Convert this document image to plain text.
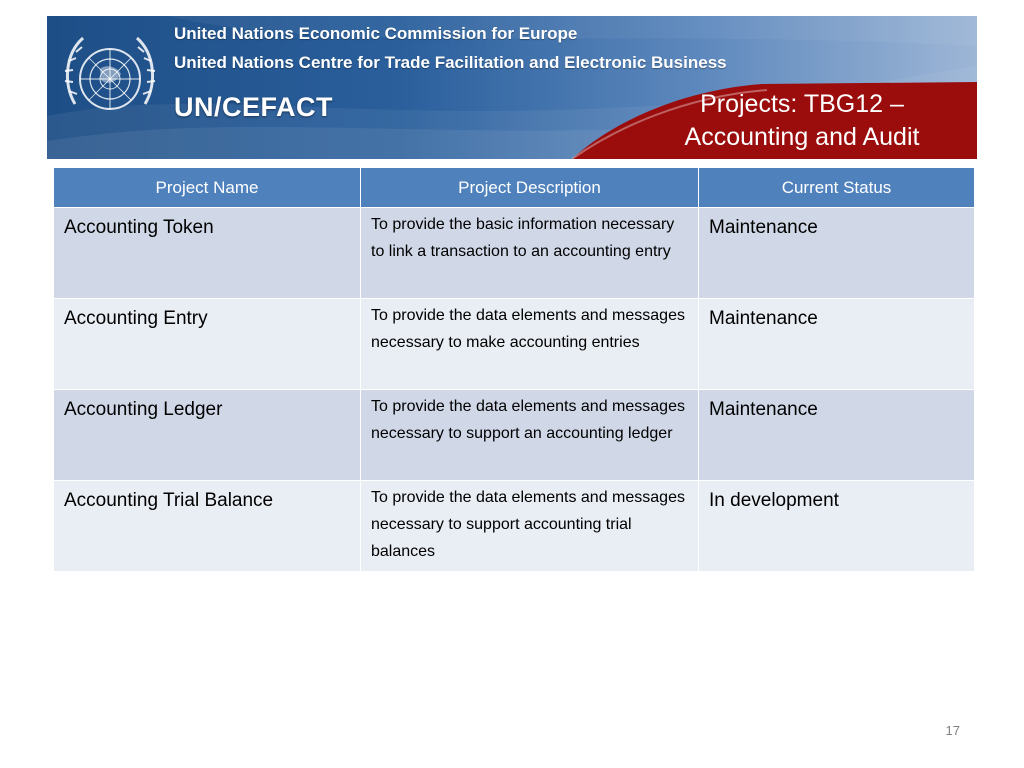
United Nations Economic Commission for Europe
United Nations Centre for Trade Facilitation and Electronic Business
UN/CEFACT	Projects: TBG12 –
Accounting and Audit
Project Name	Project Description	Current Status
Accounting Token	To provide the basic information necessary to link a transaction to an accounting entry	Maintenance
Accounting Entry	To provide the data elements and messages necessary to make accounting entries	Maintenance
Accounting Ledger	To provide the data elements and messages necessary to support an accounting ledger	Maintenance
Accounting Trial Balance	To provide the data elements and messages necessary to support accounting trial balances	In development
17
